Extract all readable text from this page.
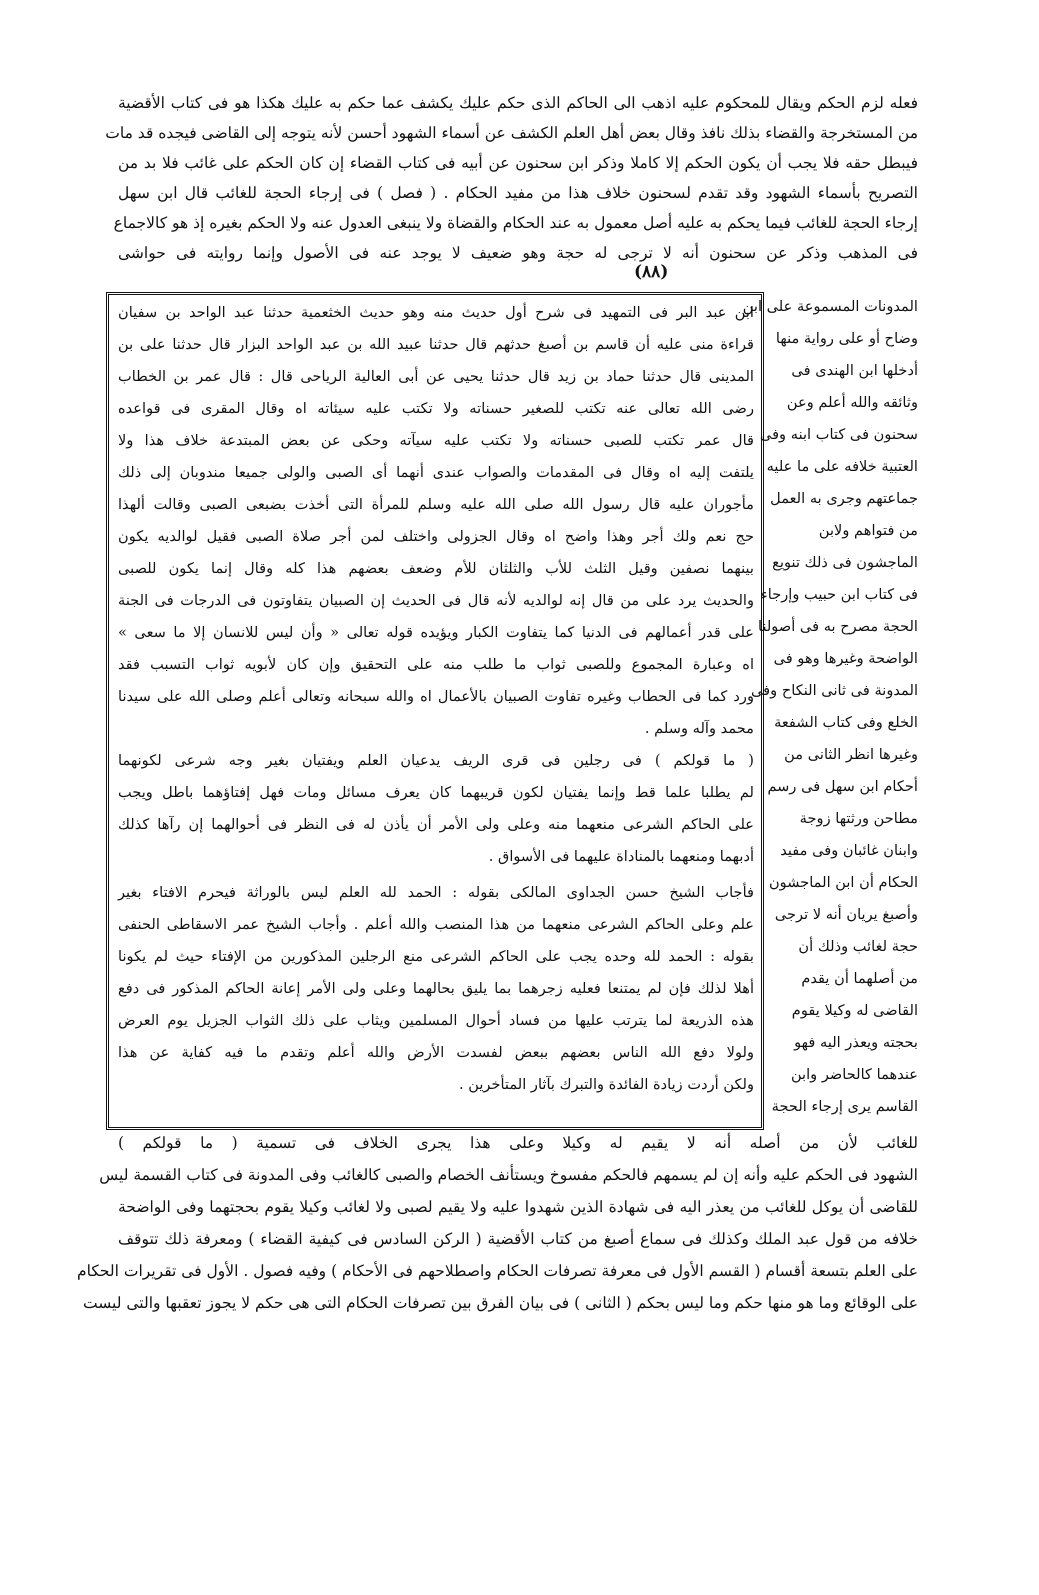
فعله لزم الحكم ويقال للمحكوم عليه اذهب الى الحاكم الذى حكم عليك يكشف عما حكم به عليك هكذا هو فى كتاب الأقضية
من المستخرجة والقضاء بذلك نافذ وقال بعض أهل العلم الكشف عن أسماء الشهود أحسن لأنه يتوجه إلى القاضى فيجده قد مات
فيبطل حقه فلا يجب أن يكون الحكم إلا كاملا وذكر ابن سحنون عن أبيه فى كتاب القضاء إن كان الحكم على غائب فلا بد من
التصريح بأسماء الشهود وقد تقدم لسحنون خلاف هذا من مفيد الحكام . ( فصل ) فى إرجاء الحجة للغائب قال ابن سهل
إرجاء الحجة للغائب فيما يحكم به عليه أصل معمول به عند الحكام والقضاة ولا ينبغى العدول عنه ولا الحكم بغيره إذ هو كالاجماع
فى المذهب وذكر عن سحنون أنه لا ترجى له حجة وهو ضعيف لا يوجد عنه فى الأصول وإنما روايته فى حواشى
(٨٨)
ابن عبد البر فى التمهيد فى شرح أول حديث منه وهو حديث الخثعمية حدثنا عبد الواحد بن سفيان
قراءة منى عليه أن قاسم بن أصبغ حدثهم قال حدثنا عبيد الله بن عبد الواحد البزار قال حدثنا على بن
المدينى قال حدثنا حماد بن زيد قال حدثنا يحيى عن أبى العالية الرياحى قال : قال عمر بن الخطاب
رضى الله تعالى عنه تكتب للصغير حسناته ولا تكتب عليه سيئاته اه وقال المقرى فى قواعده
قال عمر تكتب للصبى حسناته ولا تكتب عليه سيآته وحكى عن بعض المبتدعة خلاف هذا ولا
يلتفت إليه اه وقال فى المقدمات والصواب عندى أنهما أى الصبى والولى جميعا مندوبان إلى ذلك
مأجوران عليه قال رسول الله صلى الله عليه وسلم للمرأة التى أخذت بضبعى الصبى وقالت ألهذا
حج نعم ولك أجر وهذا واضح اه وقال الجزولى واختلف لمن أجر صلاة الصبى فقيل لوالديه يكون
بينهما نصفين وقيل الثلث للأب والثلثان للأم وضعف بعضهم هذا كله وقال إنما يكون للصبى
والحديث يرد على من قال إنه لوالديه لأنه قال فى الحديث إن الصبيان يتفاوتون فى الدرجات فى الجنة
على قدر أعمالهم فى الدنيا كما يتفاوت الكبار ويؤيده قوله تعالى « وأن ليس للانسان إلا ما سعى »
اه وعبارة المجموع وللصبى ثواب ما طلب منه على التحقيق وإن كان لأبويه ثواب التسبب فقد
ورد كما فى الحطاب وغيره تفاوت الصبيان بالأعمال اه والله سبحانه وتعالى أعلم وصلى الله على سيدنا
محمد وآله وسلم .
( ما قولكم ) فى رجلين فى قرى الريف يدعيان العلم ويفتيان بغير وجه شرعى لكونهما
لم يطلبا علما قط وإنما يفتيان لكون قريبهما كان يعرف مسائل ومات فهل إفتاؤهما باطل ويجب
على الحاكم الشرعى منعهما منه وعلى ولى الأمر أن يأذن له فى النظر فى أحوالهما إن رآها كذلك
أدبهما ومنعهما بالمناداة عليهما فى الأسواق .
فأجاب الشيخ حسن الجداوى المالكى بقوله : الحمد لله العلم ليس بالوراثة فيحرم الافتاء بغير
علم وعلى الحاكم الشرعى منعهما من هذا المنصب والله أعلم . وأجاب الشيخ عمر الاسقاطى الحنفى
بقوله : الحمد لله وحده يجب على الحاكم الشرعى منع الرجلين المذكورين من الإفتاء حيث لم يكونا
أهلا لذلك فإن لم يمتنعا فعليه زجرهما بما يليق بحالهما وعلى ولى الأمر إعانة الحاكم المذكور فى دفع
هذه الذريعة لما يترتب عليها من فساد أحوال المسلمين ويثاب على ذلك الثواب الجزيل يوم العرض
ولولا دفع الله الناس بعضهم ببعض لفسدت الأرض والله أعلم وتقدم ما فيه كفاية عن هذا
ولكن أردت زيادة الفائدة والتبرك بآثار المتأخرين .
المدونات المسموعة على ابن
وضاح أو على رواية منها
أدخلها ابن الهندى فى
وثائقه والله أعلم وعن
سحنون فى كتاب ابنه وفى
العتبية خلافه على ما عليه
جماعتهم وجرى به العمل
من فتواهم ولابن
الماجشون فى ذلك تنويع
فى كتاب ابن حبيب وإرجاء
الحجة مصرح به فى أصولنا
الواضحة وغيرها وهو فى
المدونة فى ثانى النكاح وفى
الخلع وفى كتاب الشفعة
وغيرها انظر الثانى من
أحكام ابن سهل فى رسم
مطاحن ورثتها زوجة
وابنان غائبان وفى مفيد
الحكام أن ابن الماجشون
وأصبغ يريان أنه لا ترجى
حجة لغائب وذلك أن
من أصلهما أن يقدم
القاضى له وكيلا يقوم
بحجته ويعذر اليه فهو
عندهما كالحاضر وابن
القاسم يرى إرجاء الحجة
للغائب لأن من أصله أنه لا يقيم له وكيلا وعلى هذا يجرى الخلاف فى تسمية ( ما قولكم )
الشهود فى الحكم عليه وأنه إن لم يسمهم فالحكم مفسوخ ويستأنف الخصام والصبى كالغائب وفى المدونة فى كتاب القسمة ليس
للقاضى أن يوكل للغائب من يعذر اليه فى شهادة الذين شهدوا عليه ولا يقيم لصبى ولا لغائب وكيلا يقوم بحجتهما وفى الواضحة
خلافه من قول عبد الملك وكذلك فى سماع أصبغ من كتاب الأقضية ( الركن السادس فى كيفية القضاء ) ومعرفة ذلك تتوقف
على العلم بتسعة أقسام ( القسم الأول فى معرفة تصرفات الحكام واصطلاحهم فى الأحكام ) وفيه فصول . الأول فى تقريرات الحكام
على الوقائع وما هو منها حكم وما ليس بحكم ( الثانى ) فى بيان الفرق بين تصرفات الحكام التى هى حكم لا يجوز تعقبها والتى ليست
